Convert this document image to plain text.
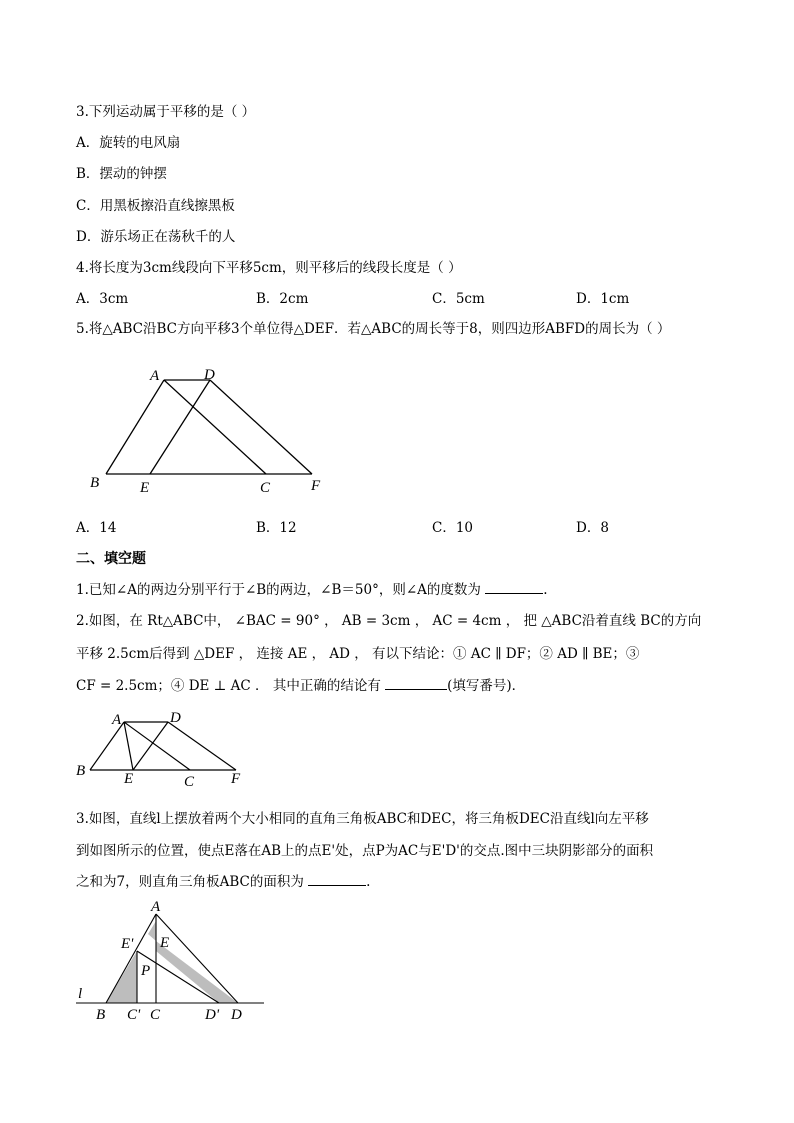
3.下列运动属于平移的是（ ）
A．旋转的电风扇
B．摆动的钟摆
C．用黑板擦沿直线擦黑板
D．游乐场正在荡秋千的人
4.将长度为3cm线段向下平移5cm，则平移后的线段长度是（ ）
A．3cm	B．2cm	C．5cm	D．1cm
5.将△ABC沿BC方向平移3个单位得△DEF．若△ABC的周长等于8，则四边形ABFD的周长为（ ）
A	D
B	E	C	F
A	D
B	E	C F
A
E' E
P
l
B C' C	D' D
A．14	B．12	C．10	D．8
二、填空题
1.已知∠A的两边分别平行于∠B的两边，∠B＝50°，则∠A的度数为	.
2.如图，在 Rt△ABC中， ∠BAC = 90° ， AB = 3cm ， AC = 4cm ， 把 △ABC沿着直线 BC的方向
平移 2.5cm后得到 △DEF ， 连接 AE ， AD ， 有以下结论：① AC ∥ DF；② AD ∥ BE；③
CF = 2.5cm；④ DE ⊥ AC ． 其中正确的结论有	(填写番号)．
3.如图，直线l上摆放着两个大小相同的直角三角板ABC和DEC，将三角板DEC沿直线l向左平移
到如图所示的位置，使点E落在AB上的点E'处，点P为AC与E'D'的交点.图中三块阴影部分的面积
之和为7，则直角三角板ABC的面积为	.
